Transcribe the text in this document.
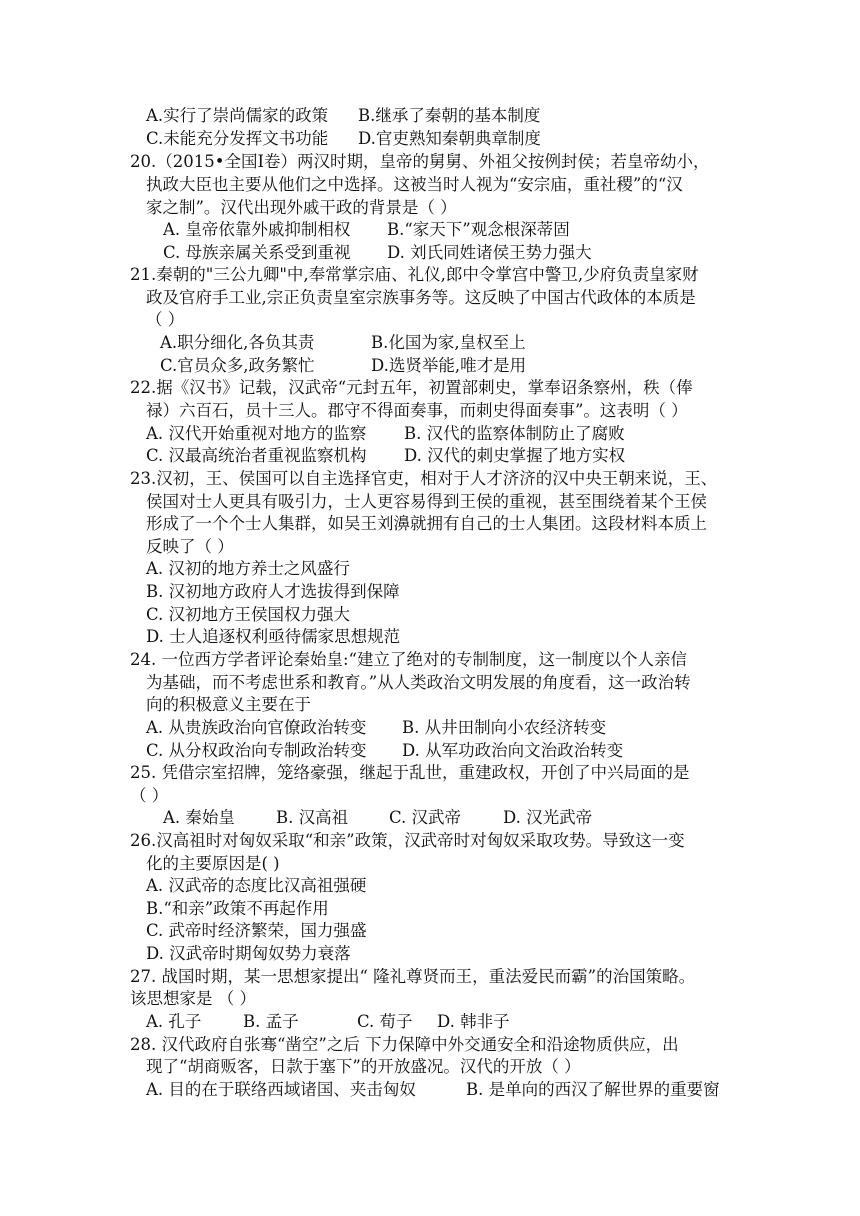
A.实行了崇尚儒家的政策 B.继承了秦朝的基本制度
C.未能充分发挥文书功能 D.官吏熟知秦朝典章制度
20.（2015•全国Ⅰ卷）两汉时期，皇帝的舅舅、外祖父按例封侯；若皇帝幼小，
执政大臣也主要从他们之中选择。这被当时人视为“安宗庙，重社稷”的“汉
家之制”。汉代出现外戚干政的背景是（ ）
A. 皇帝依靠外戚抑制相权 B.“家天下”观念根深蒂固
C. 母族亲属关系受到重视 D. 刘氏同姓诸侯王势力强大
21.秦朝的"三公九卿"中,奉常掌宗庙、礼仪,郎中令掌宫中警卫,少府负责皇家财
政及官府手工业,宗正负责皇室宗族事务等。这反映了中国古代政体的本质是
（ ）
A.职分细化,各负其责	B.化国为家,皇权至上
C.官员众多,政务繁忙	D.选贤举能,唯才是用
22.据《汉书》记载，汉武帝“元封五年，初置部刺史，掌奉诏条察州，秩（俸
禄）六百石，员十三人。郡守不得面奏事，而刺史得面奏事”。这表明（ ）
A. 汉代开始重视对地方的监察 B. 汉代的监察体制防止了腐败
C. 汉最高统治者重视监察机构 D. 汉代的刺史掌握了地方实权
23.汉初，王、侯国可以自主选择官吏，相对于人才济济的汉中央王朝来说，王、
侯国对士人更具有吸引力，士人更容易得到王侯的重视，甚至围绕着某个王侯
形成了一个个士人集群，如吴王刘濞就拥有自己的士人集团。这段材料本质上
反映了（ ）
A. 汉初的地方养士之风盛行
B. 汉初地方政府人才选拔得到保障
C. 汉初地方王侯国权力强大
D. 士人追逐权利亟待儒家思想规范
24. 一位西方学者评论秦始皇:“建立了绝对的专制制度，这一制度以个人亲信
为基础，而不考虑世系和教育。”从人类政治文明发展的角度看，这一政治转
向的积极意义主要在于
A. 从贵族政治向官僚政治转变 B. 从井田制向小农经济转变
C. 从分权政治向专制政治转变 D. 从军功政治向文治政治转变
25. 凭借宗室招牌，笼络豪强，继起于乱世，重建政权，开创了中兴局面的是
（ ）
A. 秦始皇 B. 汉高祖 C. 汉武帝	D. 汉光武帝
26.汉高祖时对匈奴采取“和亲”政策，汉武帝时对匈奴采取攻势。导致这一变
化的主要原因是( )
A. 汉武帝的态度比汉高祖强硬
B.“和亲”政策不再起作用
C. 武帝时经济繁荣，国力强盛
D. 汉武帝时期匈奴势力衰落
27. 战国时期，某一思想家提出“ 隆礼尊贤而王，重法爱民而霸”的治国策略。
该思想家是 （ ）
A. 孔子	B. 孟子	C. 荀子 D. 韩非子
28. 汉代政府自张骞“凿空”之后 下力保障中外交通安全和沿途物质供应，出
现了“胡商贩客，日款于塞下”的开放盛况。汉代的开放（ ）
A. 目的在于联络西域诸国、夹击匈奴	B. 是单向的西汉了解世界的重要窗
